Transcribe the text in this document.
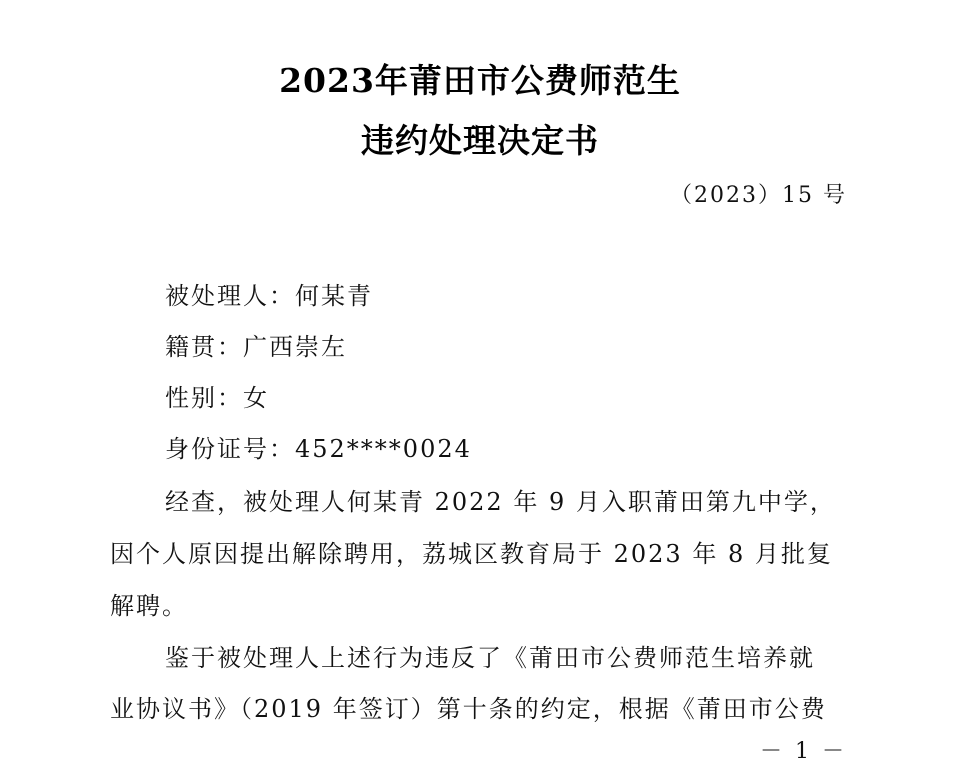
2023年莆田市公费师范生
违约处理决定书
（2023）15 号
被处理人：何某青
籍贯：广西崇左
性别：女
身份证号：452****0024
经查，被处理人何某青 2022 年 9 月入职莆田第九中学，
因个人原因提出解除聘用，荔城区教育局于 2023 年 8 月批复
解聘。
鉴于被处理人上述行为违反了《莆田市公费师范生培养就
业协议书》（2019 年签订）第十条的约定，根据《莆田市公费
－ 1 －
